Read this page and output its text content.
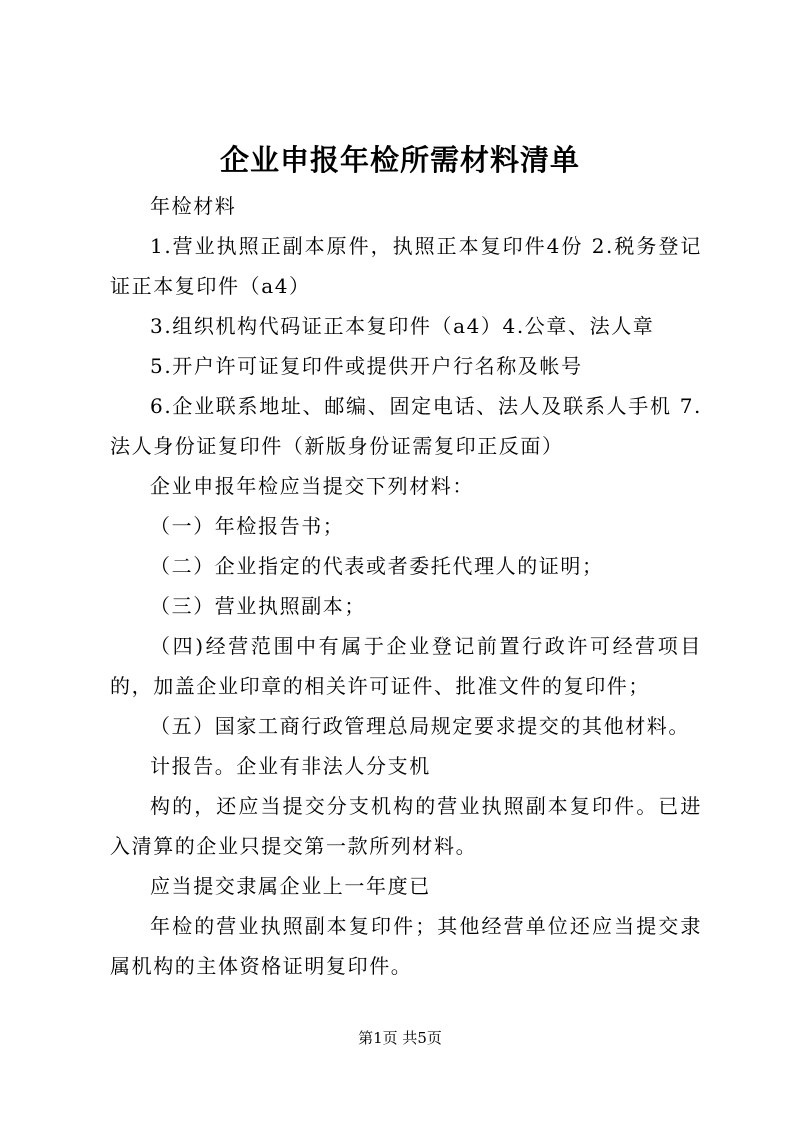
企业申报年检所需材料清单

年检材料

1.营业执照正副本原件，执照正本复印件4份 2.税务登记证正本复印件（a4）

3.组织机构代码证正本复印件（a4）4.公章、法人章

5.开户许可证复印件或提供开户行名称及帐号

6.企业联系地址、邮编、固定电话、法人及联系人手机 7.法人身份证复印件（新版身份证需复印正反面）

企业申报年检应当提交下列材料：

（一）年检报告书；

（二）企业指定的代表或者委托代理人的证明；

（三）营业执照副本；

（四)经营范围中有属于企业登记前置行政许可经营项目的，加盖企业印章的相关许可证件、批准文件的复印件；

（五）国家工商行政管理总局规定要求提交的其他材料。

计报告。企业有非法人分支机

构的，还应当提交分支机构的营业执照副本复印件。已进入清算的企业只提交第一款所列材料。

应当提交隶属企业上一年度已

年检的营业执照副本复印件；其他经营单位还应当提交隶属机构的主体资格证明复印件。

第1页 共5页
